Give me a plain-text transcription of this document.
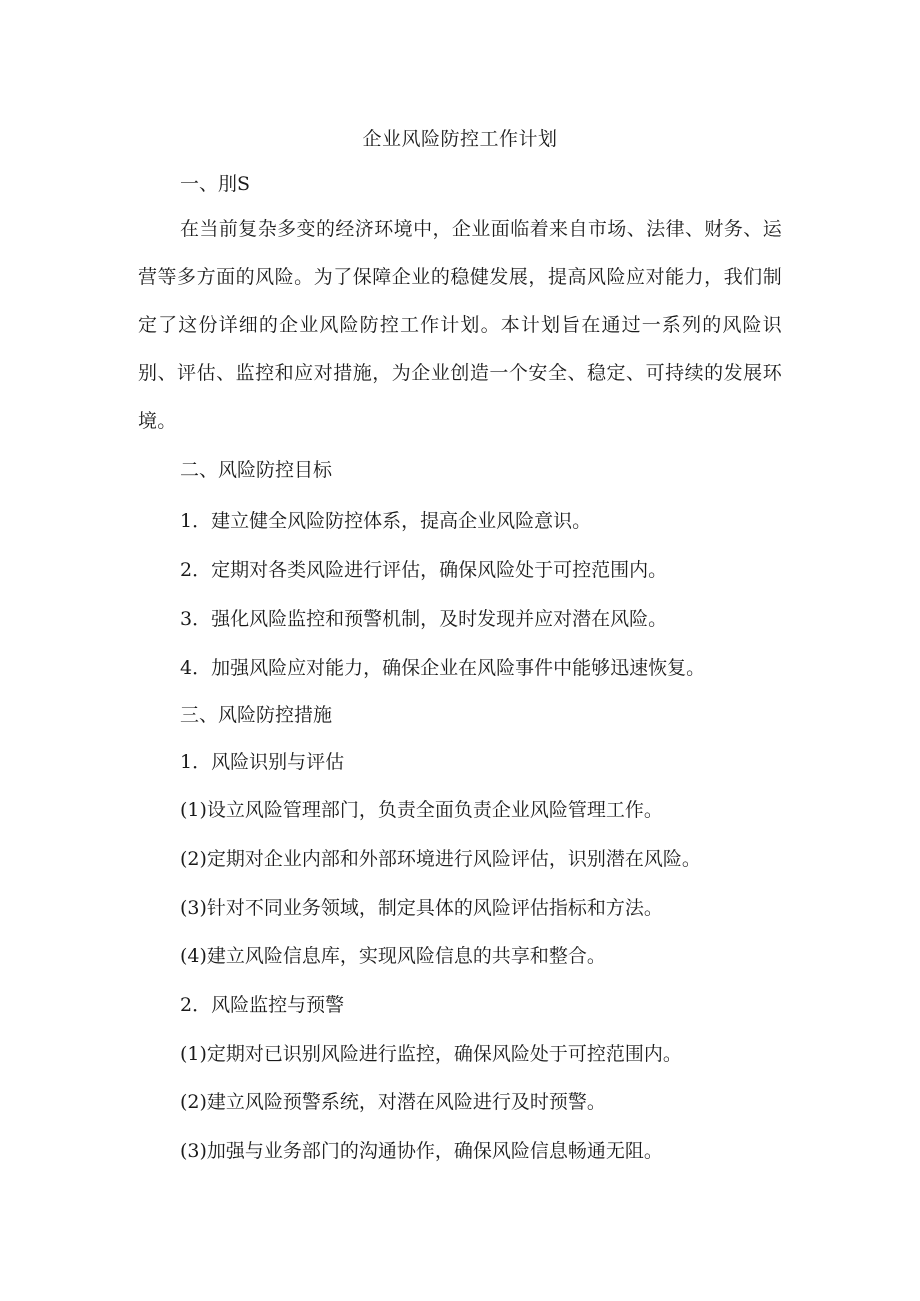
企业风险防控工作计划
一、刖S
在当前复杂多变的经济环境中，企业面临着来自市场、法律、财务、运营等多方面的风险。为了保障企业的稳健发展，提高风险应对能力，我们制定了这份详细的企业风险防控工作计划。本计划旨在通过一系列的风险识别、评估、监控和应对措施，为企业创造一个安全、稳定、可持续的发展环境。
二、风险防控目标
1．建立健全风险防控体系，提高企业风险意识。
2．定期对各类风险进行评估，确保风险处于可控范围内。
3．强化风险监控和预警机制，及时发现并应对潜在风险。
4．加强风险应对能力，确保企业在风险事件中能够迅速恢复。
三、风险防控措施
1．风险识别与评估
(1)设立风险管理部门，负责全面负责企业风险管理工作。
(2)定期对企业内部和外部环境进行风险评估，识别潜在风险。
(3)针对不同业务领域，制定具体的风险评估指标和方法。
(4)建立风险信息库，实现风险信息的共享和整合。
2．风险监控与预警
(1)定期对已识别风险进行监控，确保风险处于可控范围内。
(2)建立风险预警系统，对潜在风险进行及时预警。
(3)加强与业务部门的沟通协作，确保风险信息畅通无阻。
